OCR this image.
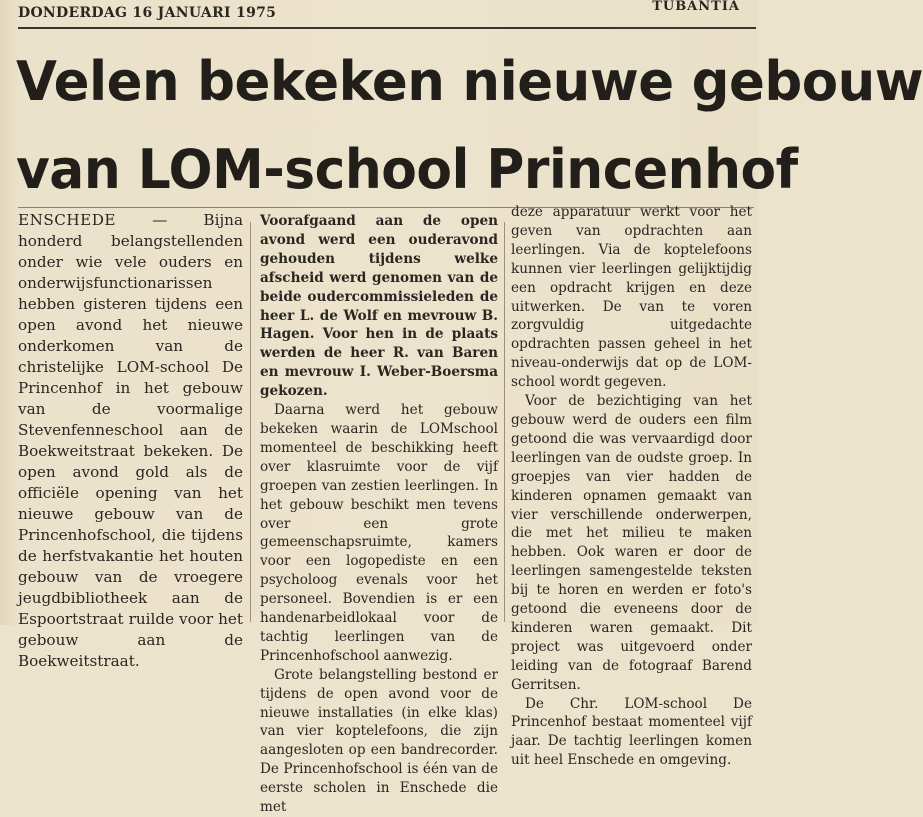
DONDERDAG 16 JANUARI 1975	TUBANTIA
Velen bekeken nieuwe gebouw
van LOM-school Princenhof

ENSCHEDE — Bijna honderd belangstellenden onder wie vele ouders en onderwijsfunctionarissen hebben gisteren tijdens een open avond het nieuwe onderkomen van de christelijke LOM-school De Princenhof in het gebouw van de voormalige Stevenfenneschool aan de Boekweitstraat bekeken. De open avond gold als de officiële opening van het nieuwe gebouw van de Princenhofschool, die tijdens de herfstvakantie het houten gebouw van de vroegere jeugdbibliotheek aan de Espoortstraat ruilde voor het gebouw aan de Boekweitstraat.

Voorafgaand aan de open avond werd een ouderavond gehouden tijdens welke afscheid werd genomen van de beide oudercommissieleden de heer L. de Wolf en mevrouw B. Hagen. Voor hen in de plaats werden de heer R. van Baren en mevrouw I. Weber-Boersma gekozen.

Daarna werd het gebouw bekeken waarin de LOMschool momenteel de beschikking heeft over klasruimte voor de vijf groepen van zestien leerlingen. In het gebouw beschikt men tevens over een grote gemeenschapsruimte, kamers voor een logopediste en een psycholoog evenals voor het personeel. Bovendien is er een handenarbeidlokaal voor de tachtig leerlingen van de Princenhofschool aanwezig.

Grote belangstelling bestond er tijdens de open avond voor de nieuwe installaties (in elke klas) van vier koptelefoons, die zijn aangesloten op een bandrecorder. De Princenhofschool is één van de eerste scholen in Enschede die met

deze apparatuur werkt voor het geven van opdrachten aan leerlingen. Via de koptelefoons kunnen vier leerlingen gelijktijdig een opdracht krijgen en deze uitwerken. De van te voren zorgvuldig uitgedachte opdrachten passen geheel in het niveau-onderwijs dat op de LOM-school wordt gegeven.

Voor de bezichtiging van het gebouw werd de ouders een film getoond die was vervaardigd door leerlingen van de oudste groep. In groepjes van vier hadden de kinderen opnamen gemaakt van vier verschillende onderwerpen, die met het milieu te maken hebben. Ook waren er door de leerlingen samengestelde teksten bij te horen en werden er foto's getoond die eveneens door de kinderen waren gemaakt. Dit project was uitgevoerd onder leiding van de fotograaf Barend Gerritsen.

De Chr. LOM-school De Princenhof bestaat momenteel vijf jaar. De tachtig leerlingen komen uit heel Enschede en omgeving.
